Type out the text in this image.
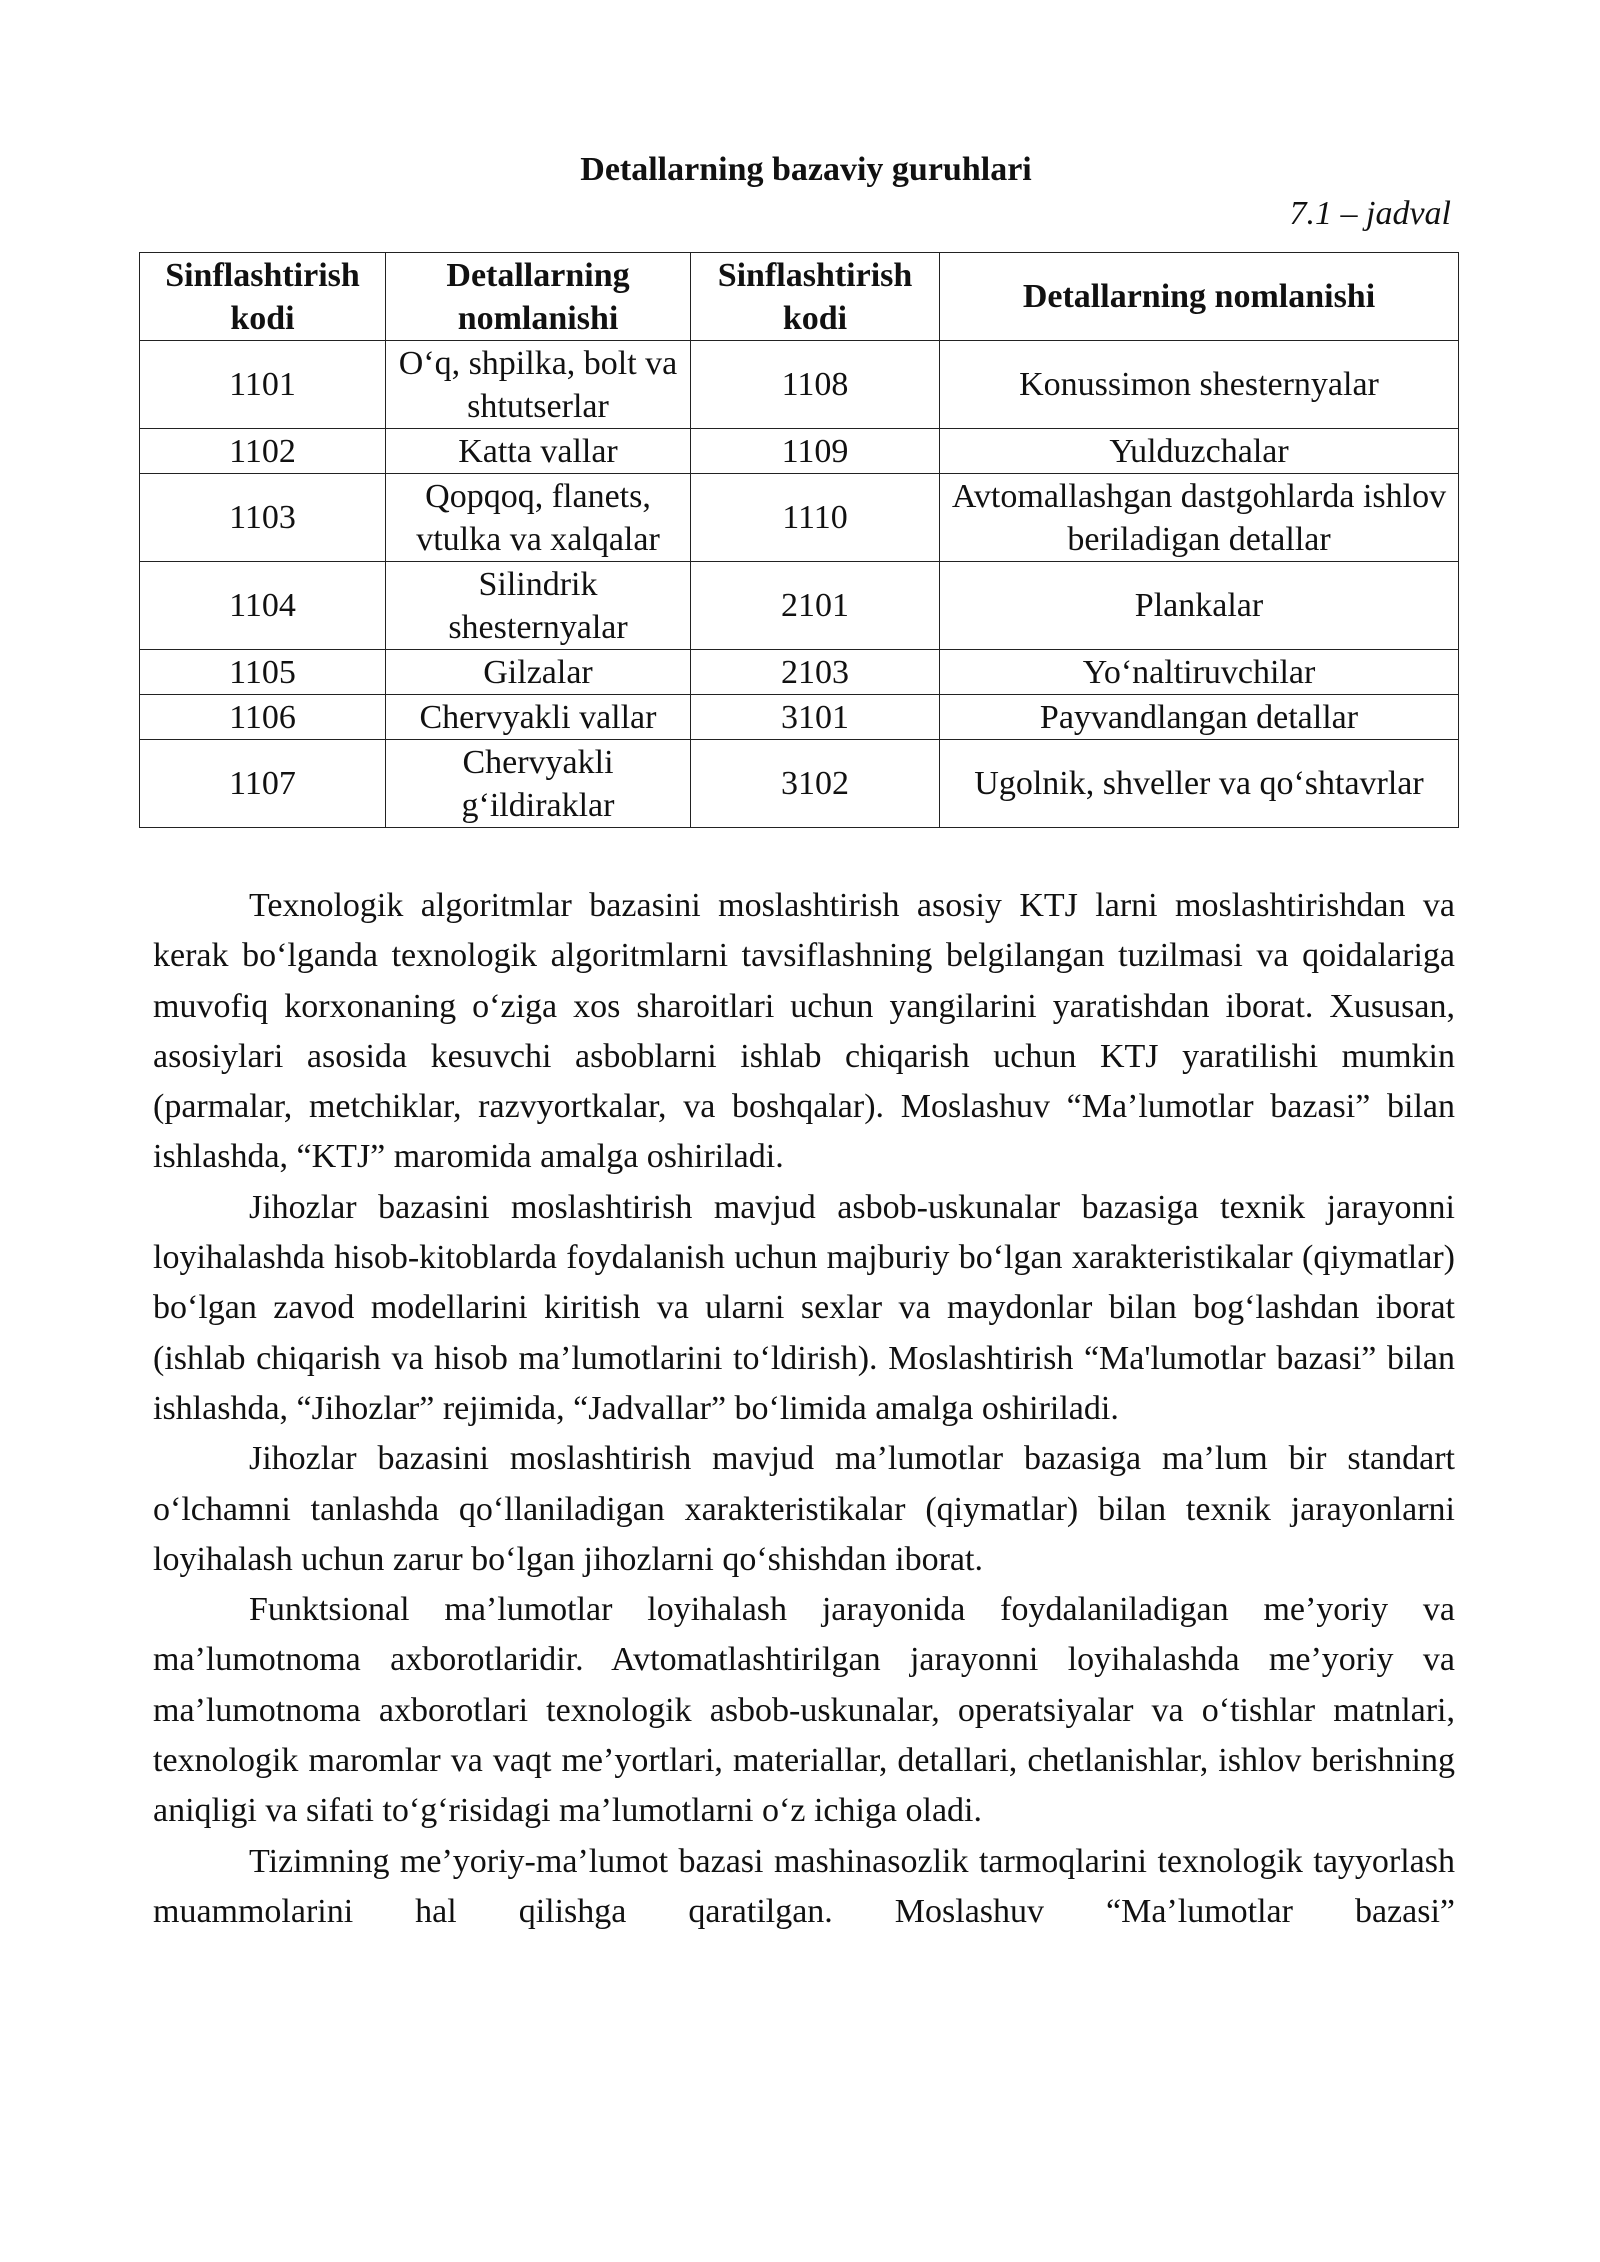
Detallarning bazaviy guruhlari
7.1 – jadval
Sinflashtirish kodi	Detallarning nomlanishi	Sinflashtirish kodi	Detallarning nomlanishi
1101	O‘q, shpilka, bolt va shtutserlar	1108	Konussimon shesternyalar
1102	Katta vallar	1109	Yulduzchalar
1103	Qopqoq, flanets, vtulka va xalqalar	1110	Avtomallashgan dastgohlarda ishlov beriladigan detallar
1104	Silindrik shesternyalar	2101	Plankalar
1105	Gilzalar	2103	Yo‘naltiruvchilar
1106	Chervyakli vallar	3101	Payvandlangan detallar
1107	Chervyakli g‘ildiraklar	3102	Ugolnik, shveller va qo‘shtavrlar

Texnologik algoritmlar bazasini moslashtirish asosiy KTJ larni moslashtirishdan va kerak bo‘lganda texnologik algoritmlarni tavsiflashning belgilangan tuzilmasi va qoidalariga muvofiq korxonaning o‘ziga xos sharoitlari uchun yangilarini yaratishdan iborat. Xususan, asosiylari asosida kesuvchi asboblarni ishlab chiqarish uchun KTJ yaratilishi mumkin (parmalar, metchiklar, razvyortkalar, va boshqalar). Moslashuv “Ma’lumotlar bazasi” bilan ishlashda, “KTJ” maromida amalga oshiriladi.

Jihozlar bazasini moslashtirish mavjud asbob-uskunalar bazasiga texnik jarayonni loyihalashda hisob-kitoblarda foydalanish uchun majburiy bo‘lgan xarakteristikalar (qiymatlar) bo‘lgan zavod modellarini kiritish va ularni sexlar va maydonlar bilan bog‘lashdan iborat (ishlab chiqarish va hisob ma’lumotlarini to‘ldirish). Moslashtirish “Ma'lumotlar bazasi” bilan ishlashda, “Jihozlar” rejimida, “Jadvallar” bo‘limida amalga oshiriladi.

Jihozlar bazasini moslashtirish mavjud ma’lumotlar bazasiga ma’lum bir standart o‘lchamni tanlashda qo‘llaniladigan xarakteristikalar (qiymatlar) bilan texnik jarayonlarni loyihalash uchun zarur bo‘lgan jihozlarni qo‘shishdan iborat.

Funktsional ma’lumotlar loyihalash jarayonida foydalaniladigan me’yoriy va ma’lumotnoma axborotlaridir. Avtomatlashtirilgan jarayonni loyihalashda me’yoriy va ma’lumotnoma axborotlari texnologik asbob-uskunalar, operatsiyalar va o‘tishlar matnlari, texnologik maromlar va vaqt me’yortlari, materiallar, detallari, chetlanishlar, ishlov berishning aniqligi va sifati to‘g‘risidagi ma’lumotlarni o‘z ichiga oladi.

Tizimning me’yoriy-ma’lumot bazasi mashinasozlik tarmoqlarini texnologik tayyorlash muammolarini hal qilishga qaratilgan. Moslashuv “Ma’lumotlar bazasi”
